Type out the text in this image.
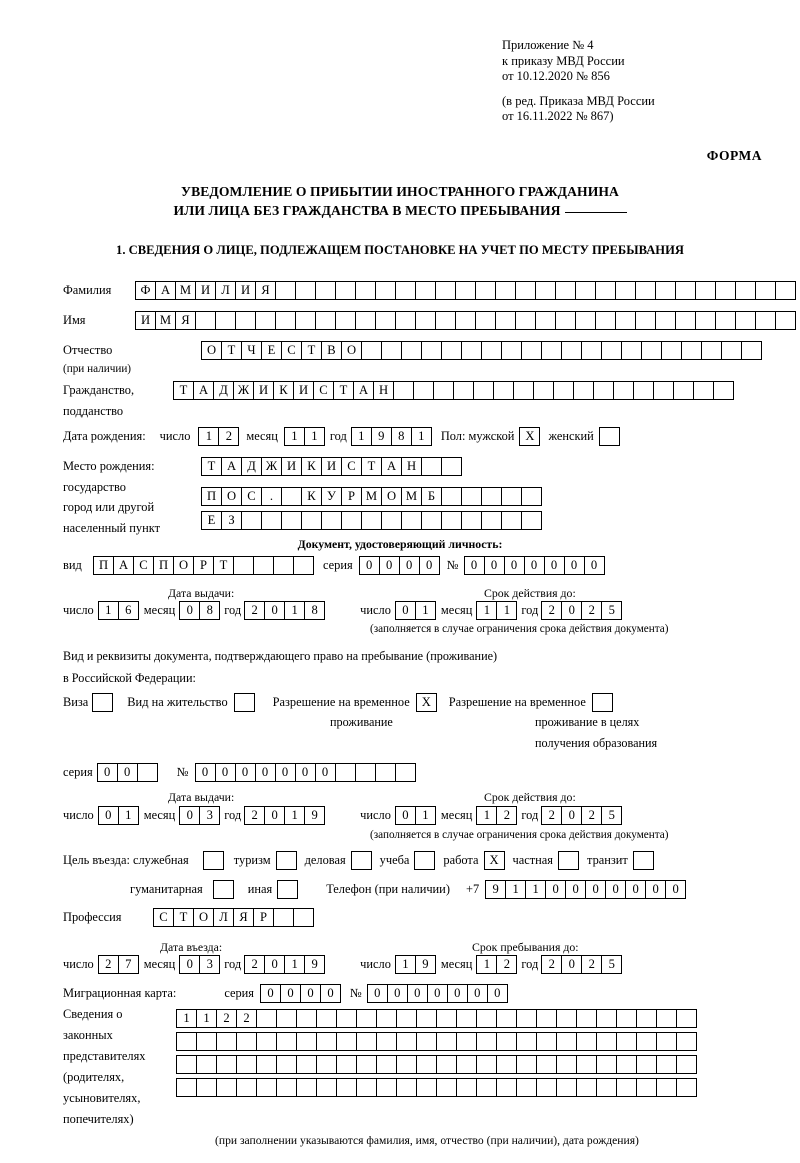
Приложение № 4
к приказу МВД России
от 10.12.2020 № 856
(в ред. Приказа МВД России
от 16.11.2022 № 867)
ФОРМА
УВЕДОМЛЕНИЕ О ПРИБЫТИИ ИНОСТРАННОГО ГРАЖДАНИНА
ИЛИ ЛИЦА БЕЗ ГРАЖДАНСТВА В МЕСТО ПРЕБЫВАНИЯ
1. СВЕДЕНИЯ О ЛИЦЕ, ПОДЛЕЖАЩЕМ ПОСТАНОВКЕ НА УЧЕТ ПО МЕСТУ ПРЕБЫВАНИЯ
Фамилия	Ф А М И Л И Я
Имя	И М Я
Отчество	О Т Ч Е С Т В О
(при наличии)
Гражданство,	Т А Д Ж И К И С Т А Н
подданство
Дата рождения: число	1	2	месяц	1	1 год 1	9	8	1	Пол: мужской X	женский
Место рождения:	Т А Д Ж И К И С Т А Н
государство
П О С	.	К У Р М О М Б
город или другой
Е	З
населенный пункт
Документ, удостоверяющий личность:
вид	П А С П О Р	Т	серия	0	0	0	0	№ 0	0	0	0	0	0	0
Дата выдачи:	Срок действия до:
число 1	6 месяц 0	8 год 2	0	1	8	число 0	1 месяц 1	1 год 2	0	2	5
(заполняется в случае ограничения срока действия документа)
Вид и реквизиты документа, подтверждающего право на пребывание (проживание)
в Российской Федерации:
Виза	Вид на жительство	Разрешение на временное X	Разрешение на временное
проживание	проживание в целях
получения образования
серия 0	0	№	0	0	0	0	0	0	0
Дата выдачи:	Срок действия до:
число 0	1 месяц 0	3 год 2	0	1	9	число 0	1 месяц 1	2 год 2	0	2	5
(заполняется в случае ограничения срока действия документа)
Цель въезда: служебная	туризм	деловая	учеба	работа X	частная	транзит
гуманитарная	иная	Телефон (при наличии) +7	9	1	1	0	0	0	0	0	0	0
Профессия	С Т О Л Я Р
Дата въезда:	Срок пребывания до:
число 2	7 месяц 0	3 год 2	0	1	9	число 1	9 месяц 1	2 год 2	0	2	5
Миграционная карта:	серия	0	0	0	0	№ 0	0	0	0	0	0	0
Сведения о
законных
представителях
(родителях,
усыновителях,
попечителях)
1	1	2	2
(при заполнении указываются фамилия, имя, отчество (при наличии), дата рождения)
